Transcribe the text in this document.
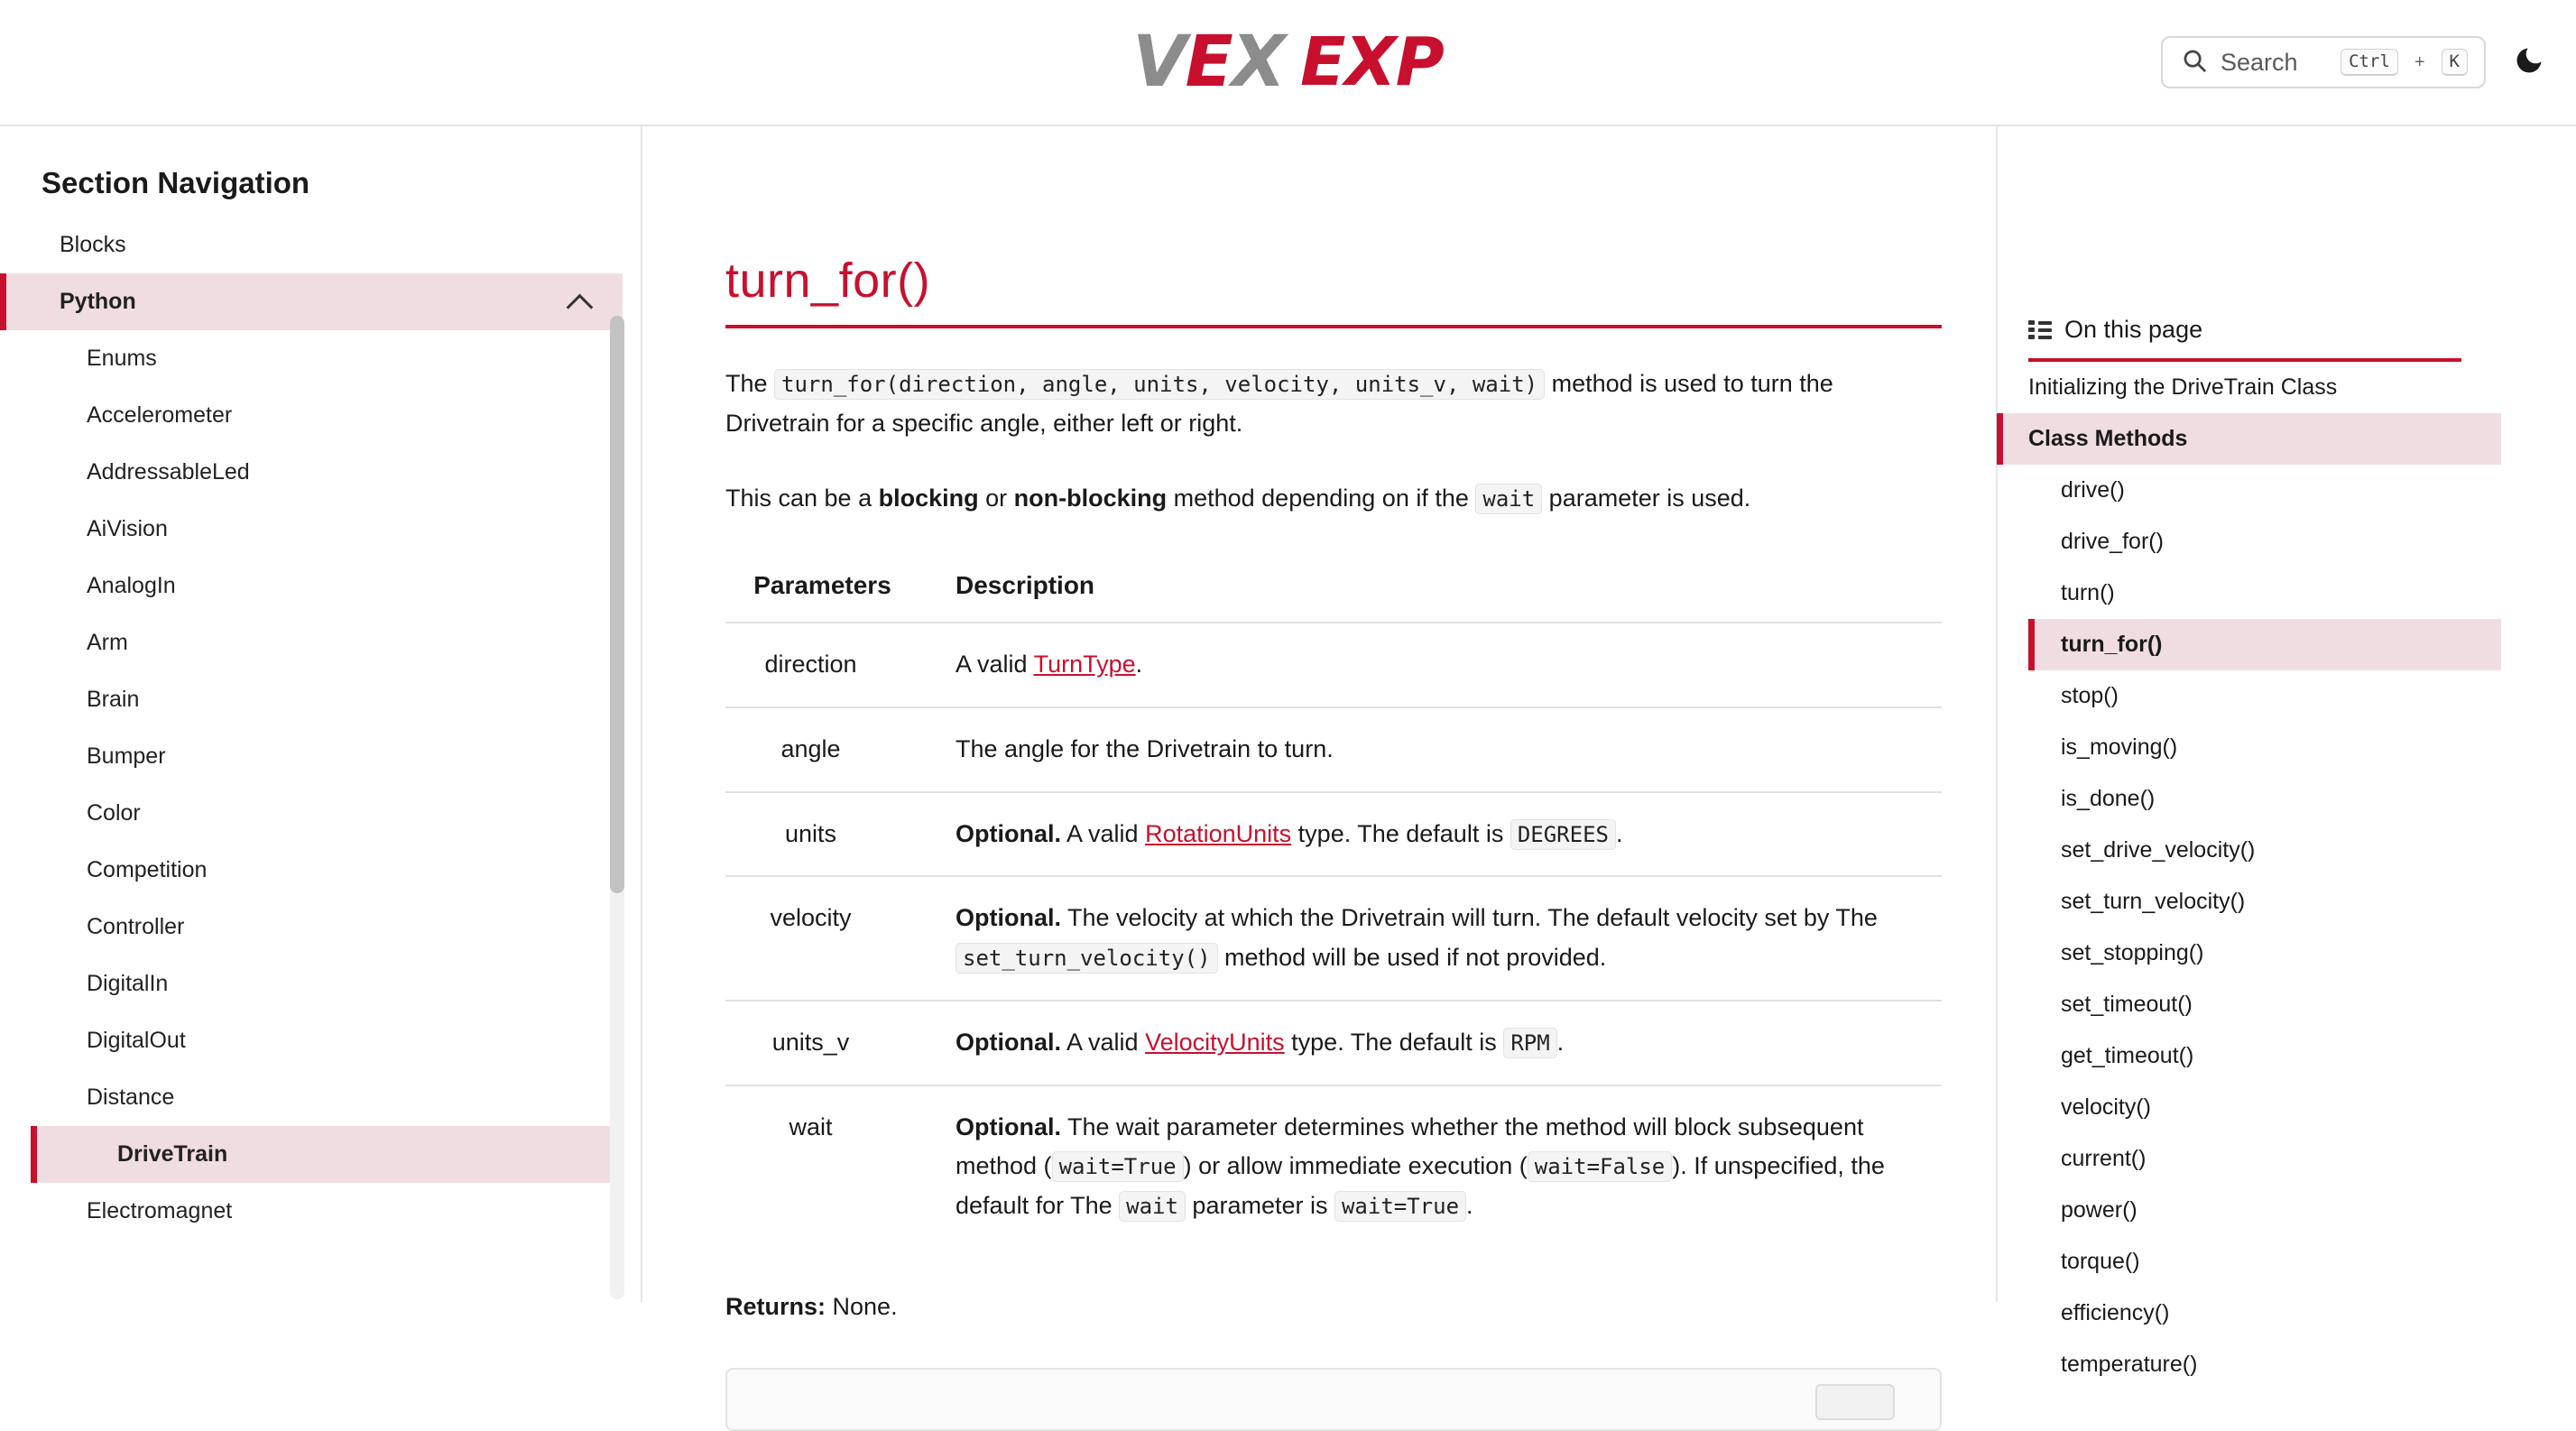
VEX EXP	Search	Ctrl	+	K
Section Navigation
Blocks
Python
Enums
Accelerometer
AddressableLed
AiVision
AnalogIn
Arm
Brain
Bumper
Color
Competition
Controller
DigitalIn
DigitalOut
Distance
DriveTrain
Electromagnet
turn_for()

The turn_for(direction, angle, units, velocity, units_v, wait) method is used to turn the Drivetrain for a specific angle, either left or right.

This can be a blocking or non-blocking method depending on if the wait parameter is used.

Parameters	Description
direction	A valid TurnType.
angle	The angle for the Drivetrain to turn.
units	Optional. A valid RotationUnits type. The default is DEGREES .
velocity	Optional. The velocity at which the Drivetrain will turn. The default velocity set by The set_turn_velocity() method will be used if not provided.
units_v	Optional. A valid VelocityUnits type. The default is RPM .
wait	Optional. The wait parameter determines whether the method will block subsequent method ( wait=True ) or allow immediate execution ( wait=False ). If unspecified, the default for The wait parameter is wait=True .
Returns: None.
On this page
Initializing the DriveTrain Class
Class Methods
drive()
drive_for()
turn()
turn_for()
stop()
is_moving()
is_done()
set_drive_velocity()
set_turn_velocity()
set_stopping()
set_timeout()
get_timeout()
velocity()
current()
power()
torque()
efficiency()
temperature()
